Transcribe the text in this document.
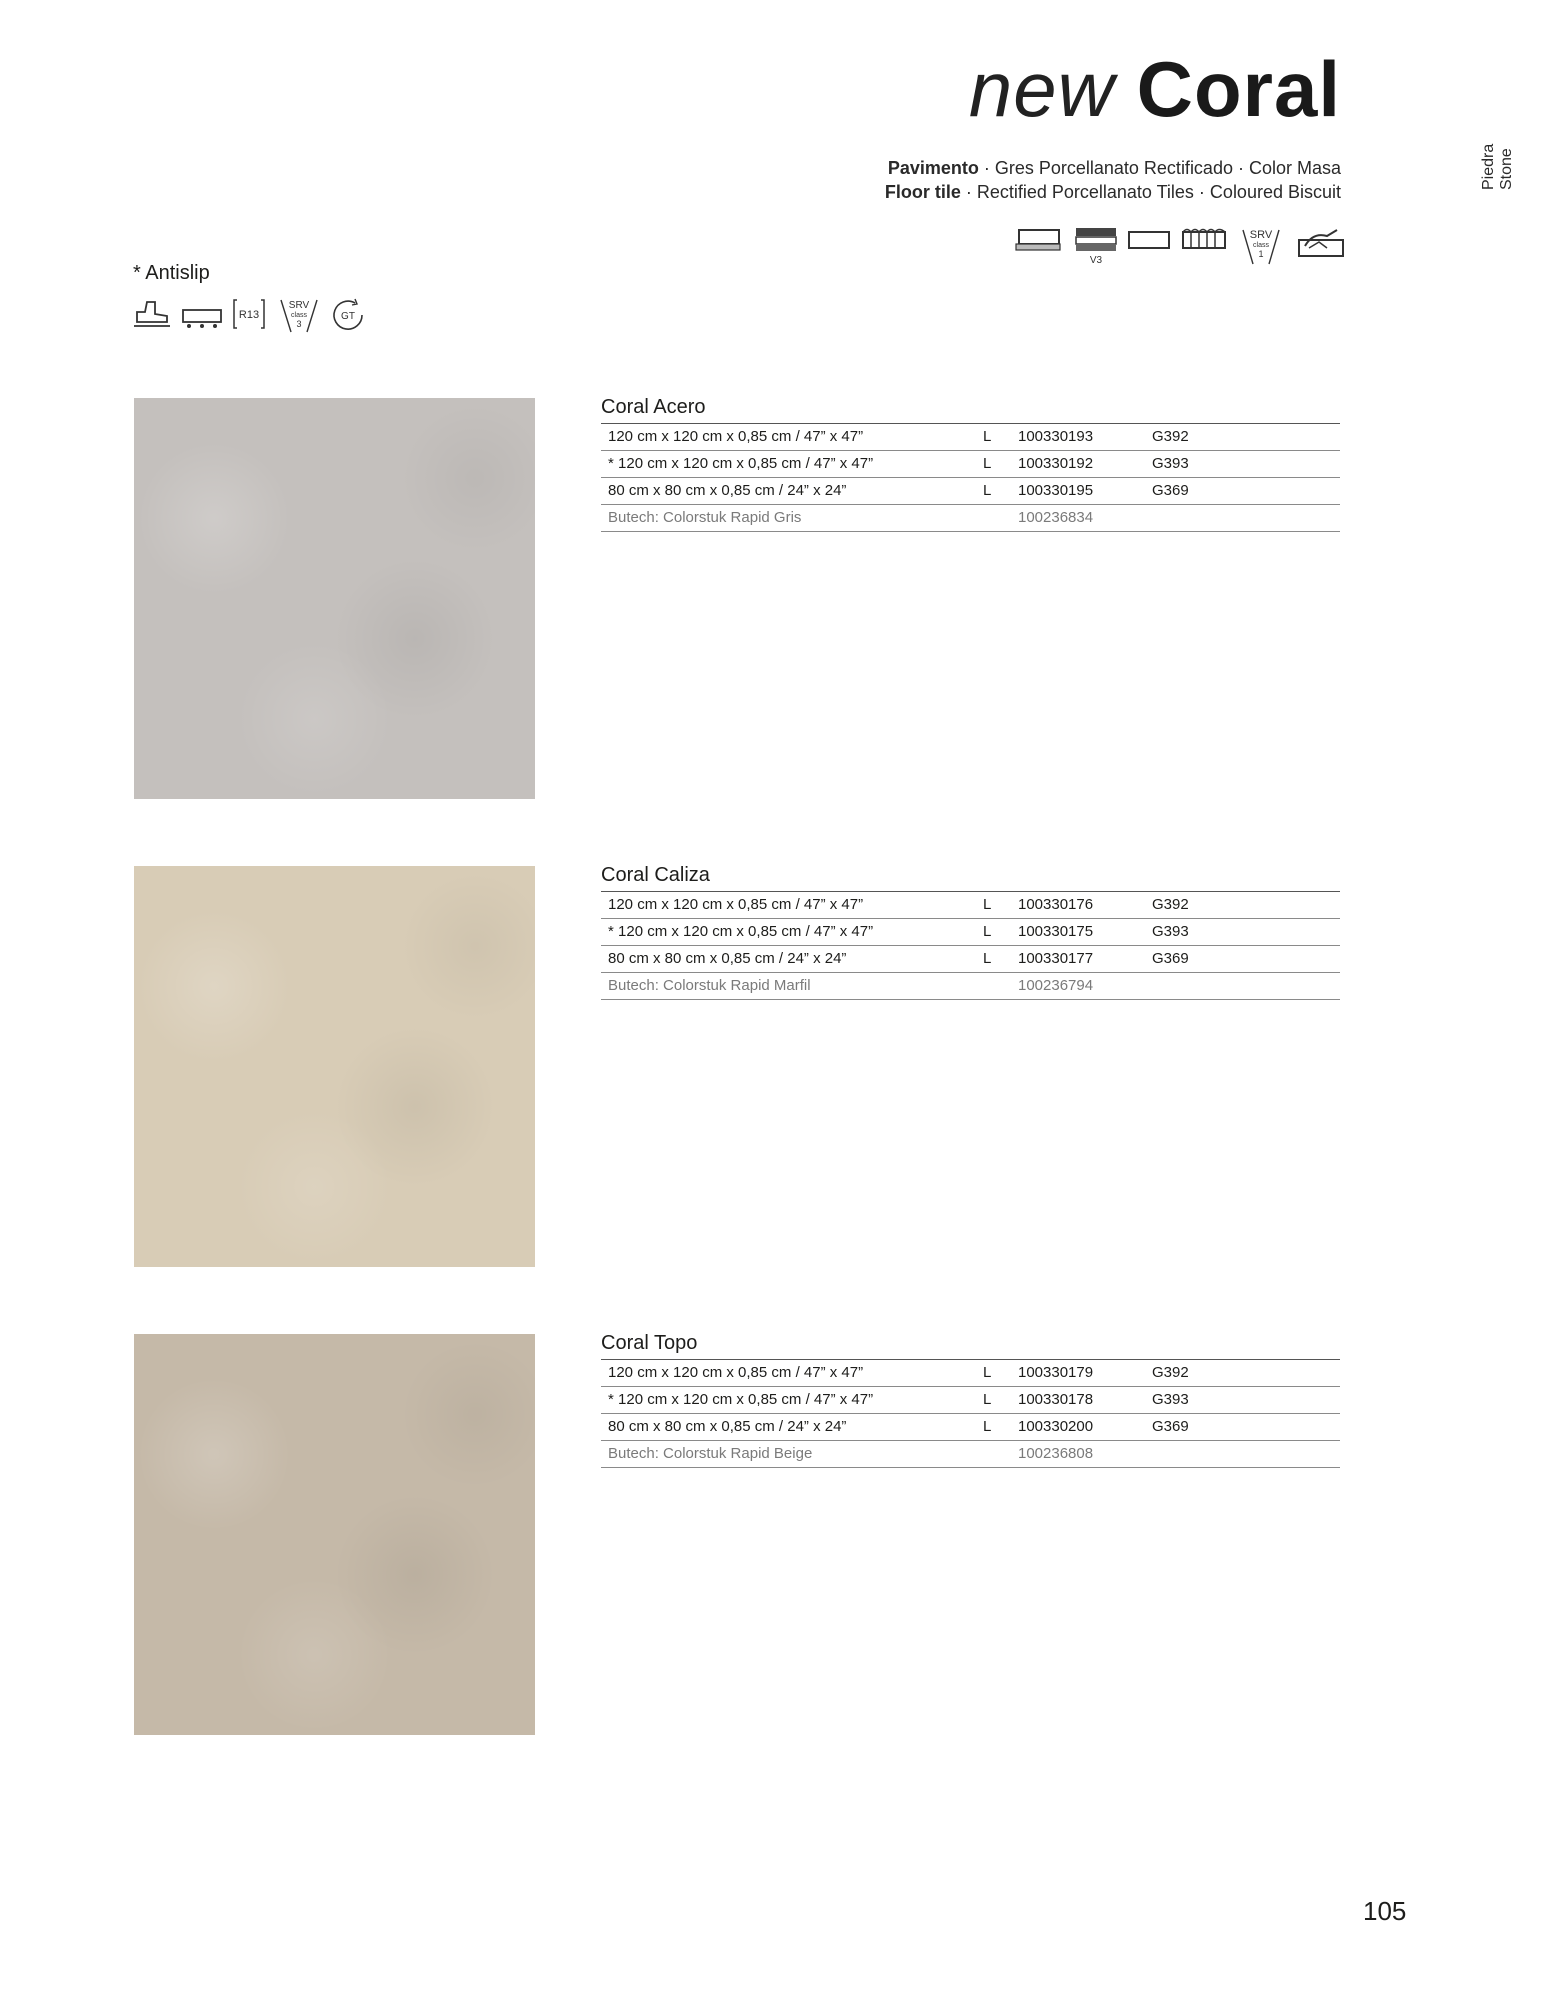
new Coral
Pavimento · Gres Porcellanato Rectificado · Color Masa
Floor tile · Rectified Porcellanato Tiles · Coloured Biscuit
Piedra Stone
V3
SRV
class
1
* Antislip
R13
SRV
class
3
GT
Coral Acero
120 cm x 120 cm x 0,85 cm / 47” x 47”	L 100330193	G392
* 120 cm x 120 cm x 0,85 cm / 47” x 47”	L 100330192	G393
80 cm x 80 cm x 0,85 cm / 24” x 24”	L 100330195	G369
Butech: Colorstuk Rapid Gris	100236834
Coral Caliza
120 cm x 120 cm x 0,85 cm / 47” x 47”	L 100330176	G392
* 120 cm x 120 cm x 0,85 cm / 47” x 47”	L 100330175	G393
80 cm x 80 cm x 0,85 cm / 24” x 24”	L 100330177	G369
Butech: Colorstuk Rapid Marfil	100236794
Coral Topo
120 cm x 120 cm x 0,85 cm / 47” x 47”	L 100330179	G392
* 120 cm x 120 cm x 0,85 cm / 47” x 47”	L 100330178	G393
80 cm x 80 cm x 0,85 cm / 24” x 24”	L 100330200	G369
Butech: Colorstuk Rapid Beige	100236808
105
